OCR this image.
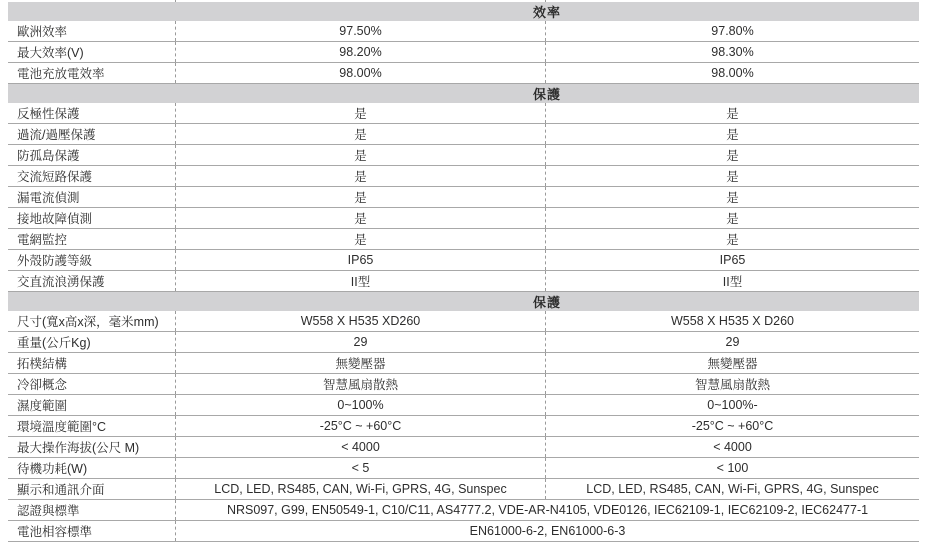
效率
歐洲效率	97.50%	97.80%
最大效率(V)	98.20%	98.30%
電池充放電效率	98.00%	98.00%
保護
反極性保護	是	是
過流/過壓保護	是	是
防孤島保護	是	是
交流短路保護	是	是
漏電流偵測	是	是
接地故障偵測	是	是
電網監控	是	是
外殼防護等級	IP65	IP65
交直流浪湧保護	II型	II型
保護
尺寸(寬x高x深，毫米mm)	W558 X H535 XD260	W558 X H535 X D260
重量(公斤Kg)	29	29
拓樸結構	無變壓器	無變壓器
冷卻概念	智慧風扇散熱	智慧風扇散熱
濕度範圍	0~100%	0~100%-
環境溫度範圍°C	-25°C ~ +60°C	-25°C ~ +60°C
最大操作海拔(公尺 M)	< 4000	< 4000
待機功耗(W)	< 5	< 100
顯示和通訊介面	LCD, LED, RS485, CAN, Wi-Fi, GPRS, 4G, Sunspec	LCD, LED, RS485, CAN, Wi-Fi, GPRS, 4G, Sunspec
認證與標準	NRS097, G99, EN50549-1, C10/C11, AS4777.2, VDE-AR-N4105, VDE0126, IEC62109-1, IEC62109-2, IEC62477-1
電池相容標準	EN61000-6-2, EN61000-6-3
